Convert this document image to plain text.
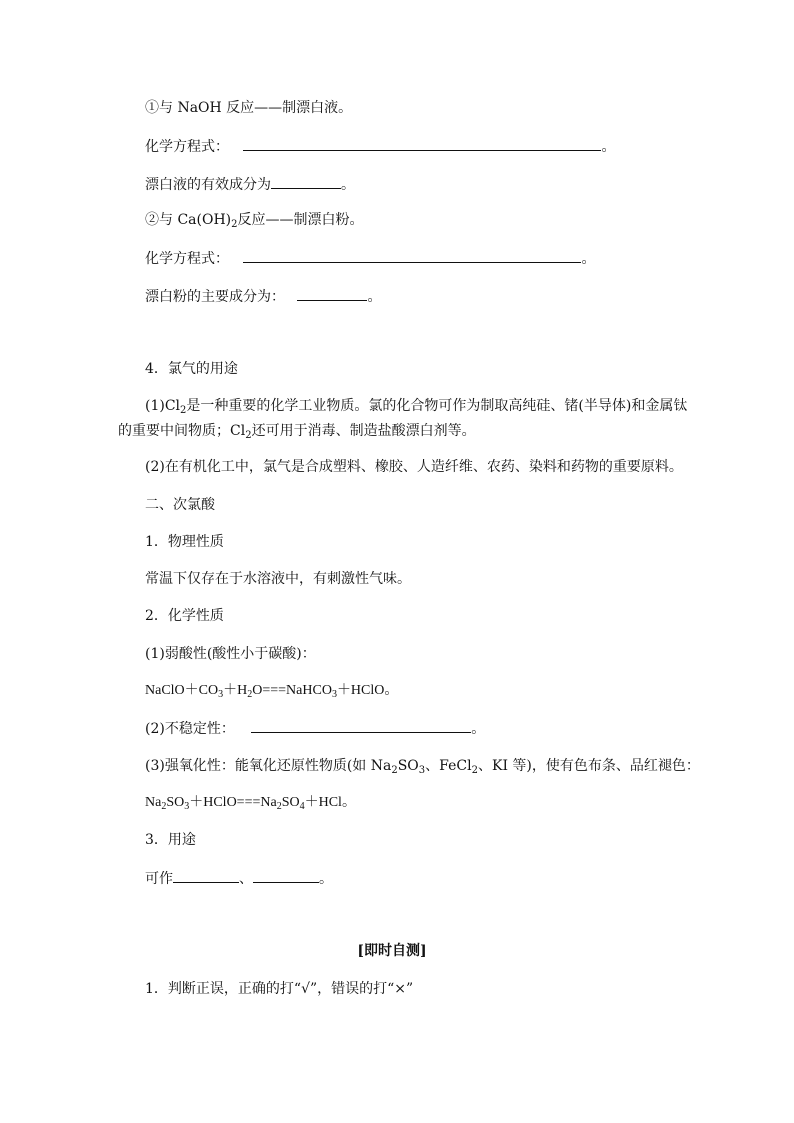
①与 NaOH 反应——制漂白液。
化学方程式：	。
漂白液的有效成分为	。
②与 $Ca(OH)_2$反应——制漂白粉。
化学方程式：	。
漂白粉的主要成分为：	。
4．氯气的用途
$(1)Cl_2$是一种重要的化学工业物质。氯的化合物可作为制取高纯硅、锗(半导体)和金属钛
的重要中间物质；$Cl_2$还可用于消毒、制造盐酸漂白剂等。
(2)在有机化工中，氯气是合成塑料、橡胶、人造纤维、农药、染料和药物的重要原料。
二、次氯酸
1．物理性质
常温下仅存在于水溶液中，有刺激性气味。
2．化学性质
(1)弱酸性(酸性小于碳酸)：
$NaClO+CO_3+H_2O===NaHCO_3+HClO$。
(2)不稳定性：	。
(3)强氧化性：能氧化还原性物质(如 $Na_2SO_3$、FeCl$_2$、KI 等)，使有色布条、品红褪色：
$Na_2SO_3+HClO===Na_2SO_4+HCl$。
3．用途
可作	、	。
[即时自测]
1．判断正误，正确的打“√”，错误的打“×”
